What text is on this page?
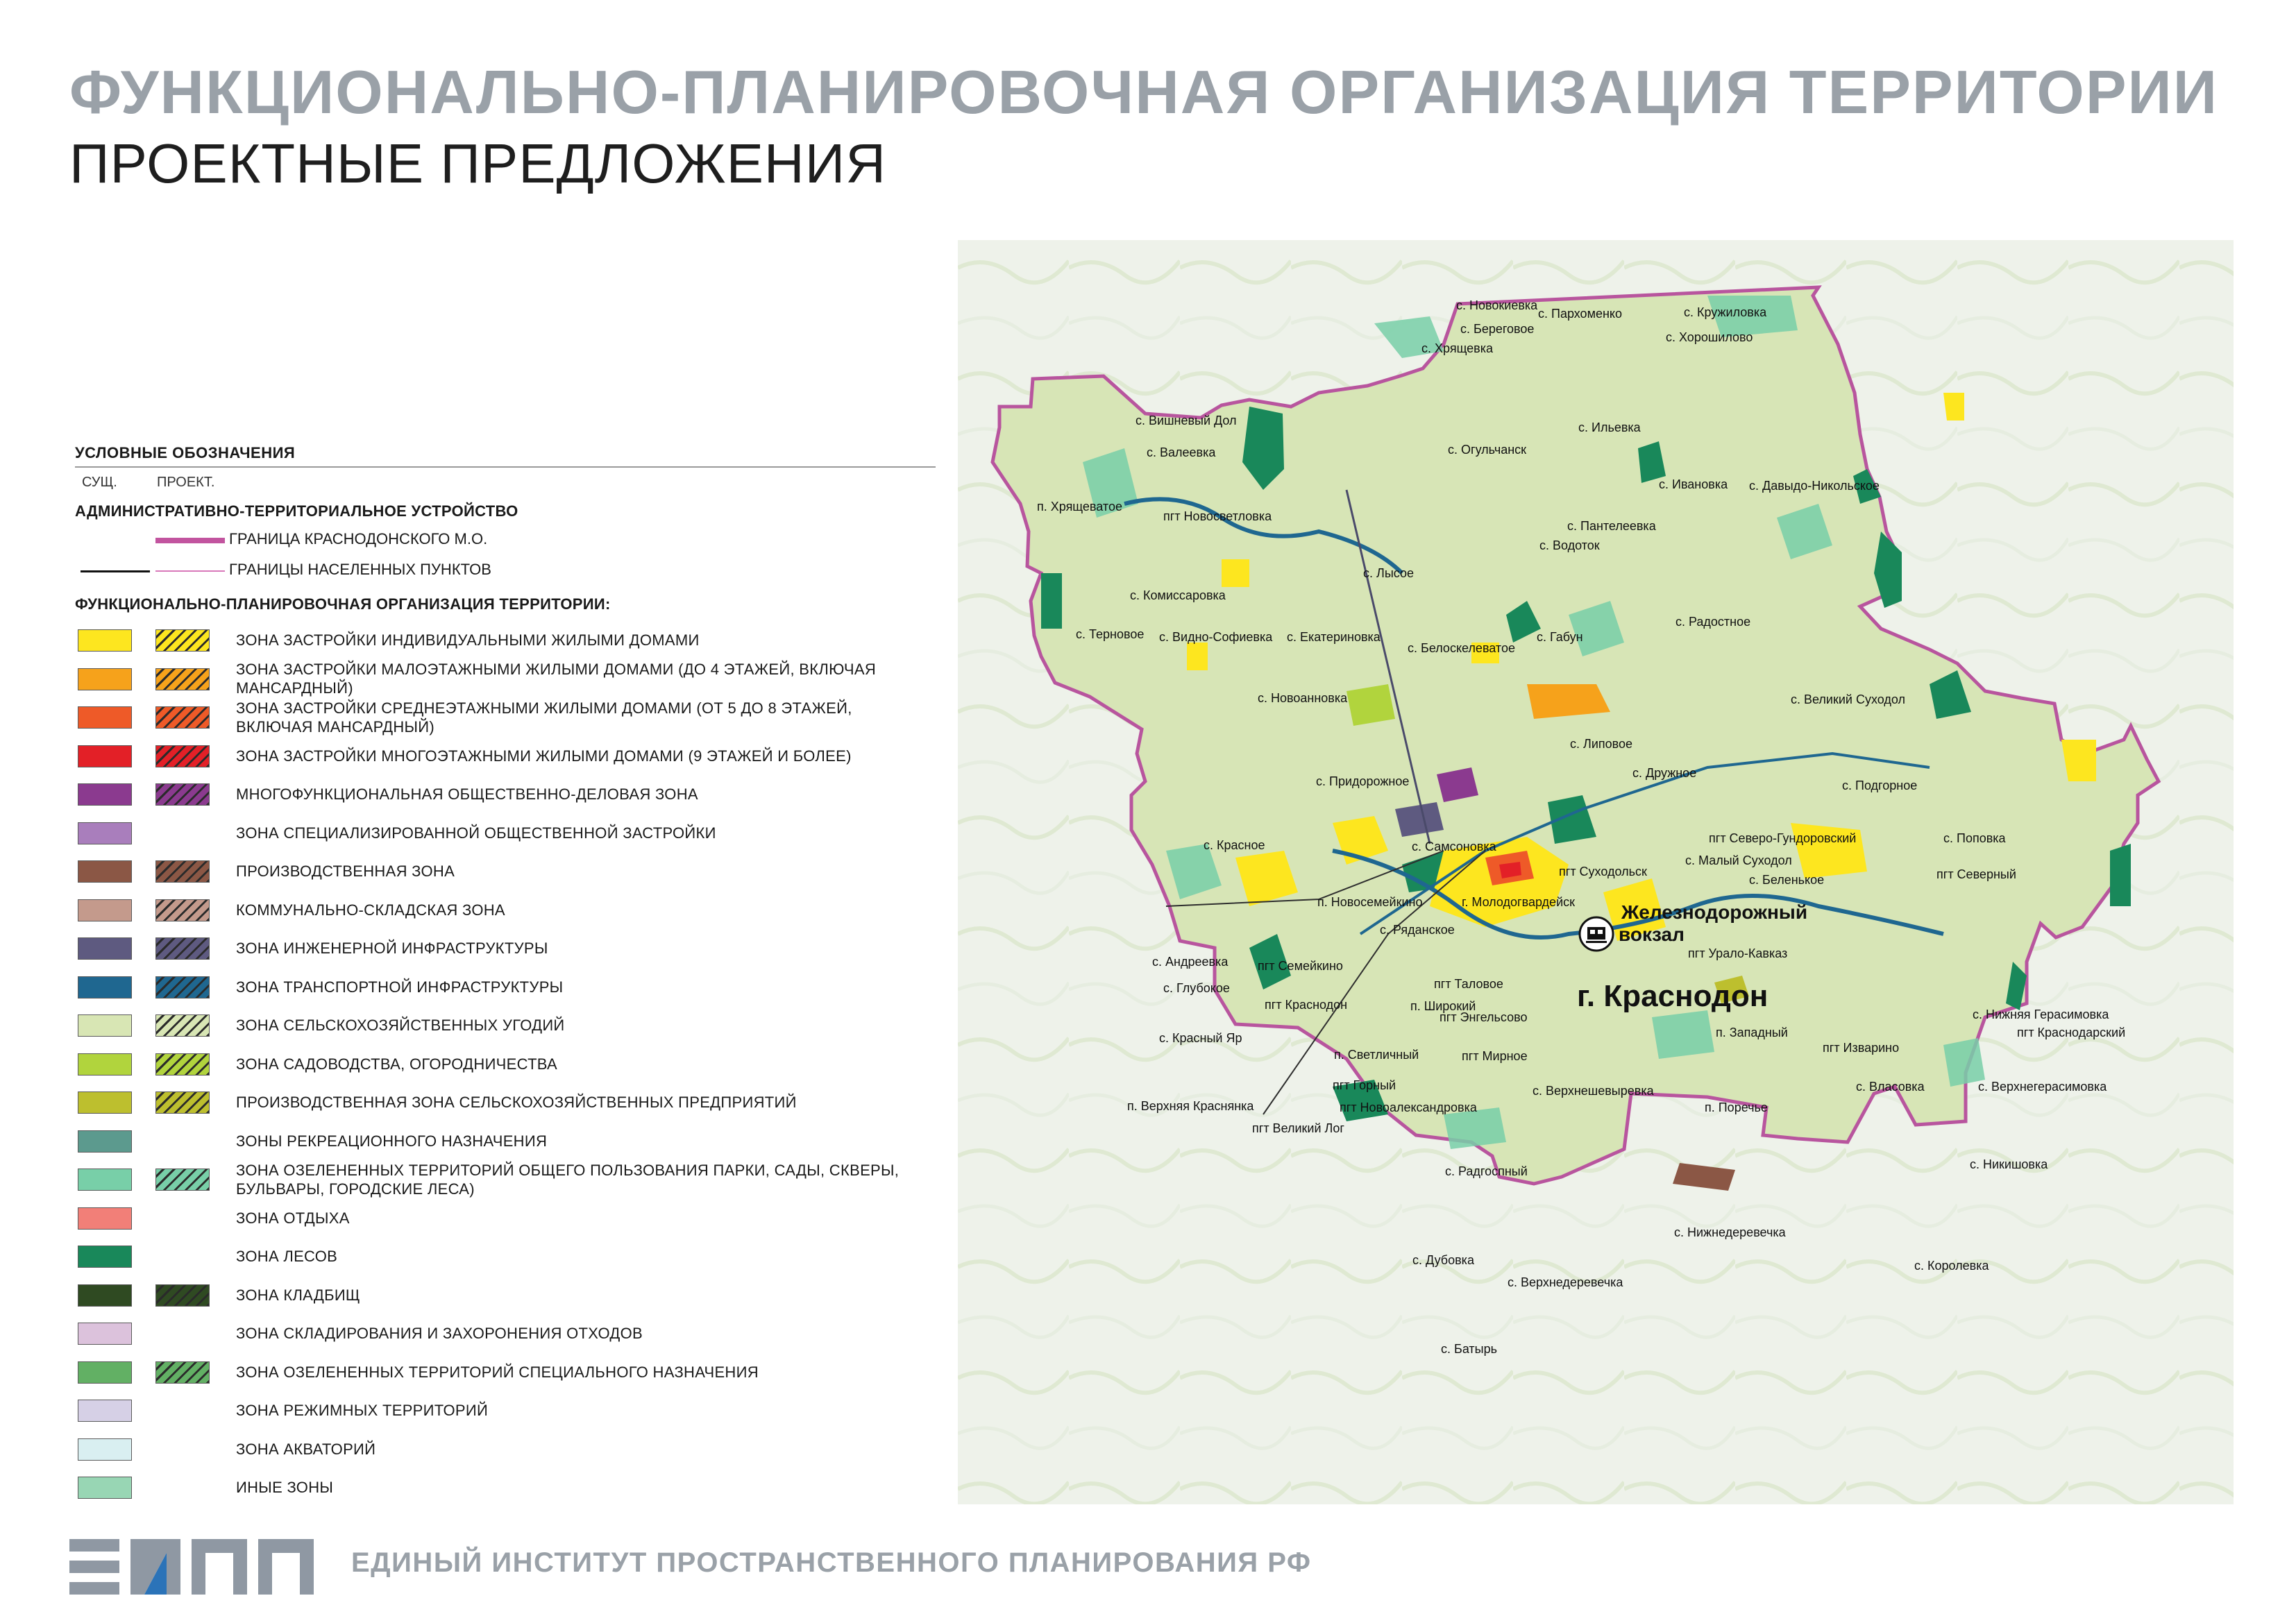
ФУНКЦИОНАЛЬНО-ПЛАНИРОВОЧНАЯ ОРГАНИЗАЦИЯ ТЕРРИТОРИИ
ПРОЕКТНЫЕ ПРЕДЛОЖЕНИЯ
УСЛОВНЫЕ ОБОЗНАЧЕНИЯ
СУЩ.	ПРОЕКТ.
АДМИНИСТРАТИВНО-ТЕРРИТОРИАЛЬНОЕ УСТРОЙСТВО
ГРАНИЦА КРАСНОДОНСКОГО М.О.
ГРАНИЦЫ НАСЕЛЕННЫХ ПУНКТОВ
ФУНКЦИОНАЛЬНО-ПЛАНИРОВОЧНАЯ ОРГАНИЗАЦИЯ ТЕРРИТОРИИ:
ЗОНА ЗАСТРОЙКИ ИНДИВИДУАЛЬНЫМИ ЖИЛЫМИ ДОМАМИ
ЗОНА ЗАСТРОЙКИ МАЛОЭТАЖНЫМИ ЖИЛЫМИ ДОМАМИ (ДО 4 ЭТАЖЕЙ, ВКЛЮЧАЯ МАНСАРДНЫЙ)
ЗОНА ЗАСТРОЙКИ СРЕДНЕЭТАЖНЫМИ ЖИЛЫМИ ДОМАМИ (ОТ 5 ДО 8 ЭТАЖЕЙ, ВКЛЮЧАЯ МАНСАРДНЫЙ)
ЗОНА ЗАСТРОЙКИ МНОГОЭТАЖНЫМИ ЖИЛЫМИ ДОМАМИ (9 ЭТАЖЕЙ И БОЛЕЕ)
МНОГОФУНКЦИОНАЛЬНАЯ ОБЩЕСТВЕННО-ДЕЛОВАЯ ЗОНА
ЗОНА СПЕЦИАЛИЗИРОВАННОЙ ОБЩЕСТВЕННОЙ ЗАСТРОЙКИ
ПРОИЗВОДСТВЕННАЯ ЗОНА
КОММУНАЛЬНО-СКЛАДСКАЯ ЗОНА
ЗОНА ИНЖЕНЕРНОЙ ИНФРАСТРУКТУРЫ
ЗОНА ТРАНСПОРТНОЙ ИНФРАСТРУКТУРЫ
ЗОНА СЕЛЬСКОХОЗЯЙСТВЕННЫХ УГОДИЙ
ЗОНА САДОВОДСТВА, ОГОРОДНИЧЕСТВА
ПРОИЗВОДСТВЕННАЯ ЗОНА СЕЛЬСКОХОЗЯЙСТВЕННЫХ ПРЕДПРИЯТИЙ
ЗОНЫ РЕКРЕАЦИОННОГО НАЗНАЧЕНИЯ
ЗОНА ОЗЕЛЕНЕННЫХ ТЕРРИТОРИЙ ОБЩЕГО ПОЛЬЗОВАНИЯ ПАРКИ, САДЫ, СКВЕРЫ, БУЛЬВАРЫ, ГОРОДСКИЕ ЛЕСА)
ЗОНА ОТДЫХА
ЗОНА ЛЕСОВ
ЗОНА КЛАДБИЩ
ЗОНА СКЛАДИРОВАНИЯ И ЗАХОРОНЕНИЯ ОТХОДОВ
ЗОНА ОЗЕЛЕНЕННЫХ ТЕРРИТОРИЙ СПЕЦИАЛЬНОГО НАЗНАЧЕНИЯ
ЗОНА РЕЖИМНЫХ ТЕРРИТОРИЙ
ЗОНА АКВАТОРИЙ
ИНЫЕ ЗОНЫ
с. Новокиевка
с. Пархоменко	с. Кружиловка
с. Береговое
с. Хорошилово
с. Хрящевка
с. Вишневый Дол	с. Ильевка
с. Валеевка	с. Огульчанск
п. Хрящеватое
с. Ивановка с. Давыдо-Никольское
пгт Новосветловка
с. Пантелеевка
с. Водоток
с. Лысое
с. Комиссаровка
с. Радостное
с. Терновое с. Видно-Софиевка с. Екатериновка	с. Габун
с. Белоскелеватое
с. Великий Суходол
с. Новоанновка
с. Липовое
с. Дружное
с. Придорожное	с. Подгорное
пгт Северо-Гундоровский	с. Поповка
с. Красное	с. Самсоновка
с. Малый Суходол
пгт Суходольск
с. Беленькое	пгт Северный
п. Новосемейкино	г. Молодогвардейск
с. Ряданское
с. Андреевка
пгт Урало-Кавказ
пгт Семейкино
с. Глубокое	пгт Таловое
пгт Краснодон	п. Широкий
с. Нижняя Герасимовка
пгт Энгельсово
пгт Краснодарский
с. Красный Яр	п. Западный
пгт Изварино
п. Светличный	пгт Мирное
пгт Горный	с. Верхнегерасимовка
с. Власовка
с. Верхнешевыревка
п. Верхняя Краснянка	пгт Новоалександровка	п. Поречье
пгт Великий Лог
с. Никишовка
с. Радгоспный
с. Нижнедеревечка
с. Дубовка	с. Королевка
с. Верхнедеревечка
с. Батырь
г. Краснодон
Железнодорожный
вокзал
ЕДИНЫЙ ИНСТИТУТ ПРОСТРАНСТВЕННОГО ПЛАНИРОВАНИЯ РФ
